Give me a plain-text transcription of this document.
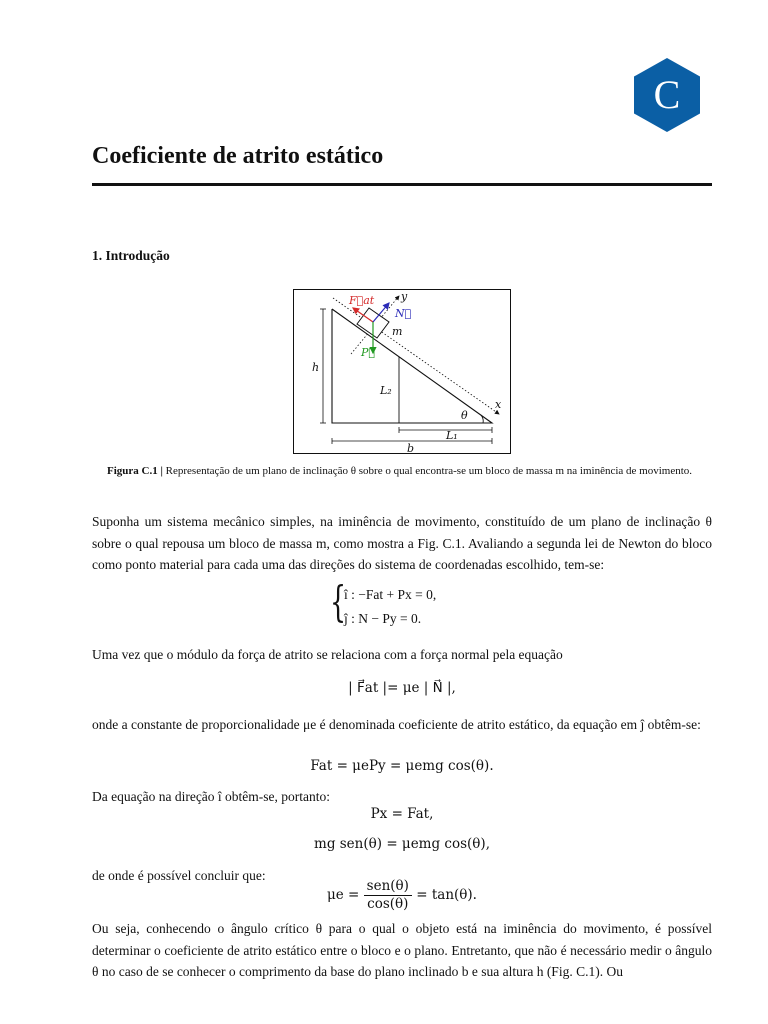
C
Coeficiente de atrito estático
1. Introdução
F⃗at y
N⃗
m
P⃗
h
L₂
θ
x
L₁
b
Figura C.1 | Representação de um plano de inclinação θ sobre o qual encontra-se um bloco de massa m na iminência de movimento.

Suponha um sistema mecânico simples, na iminência de movimento, constituído de um plano de inclinação θ sobre o qual repousa um bloco de massa m, como mostra a Fig. C.1. Avaliando a segunda lei de Newton do bloco como ponto material para cada uma das direções do sistema de coordenadas escolhido, tem-se:

{
î : −Fat + Px = 0,
ĵ : N − Py = 0.

Uma vez que o módulo da força de atrito se relaciona com a força normal pela equação

| F⃗at |= μe | N⃗ |,

onde a constante de proporcionalidade μe é denominada coeficiente de atrito estático, da equação em ĵ obtêm-se:

Fat = μePy = μemg cos(θ).

Da equação na direção î obtêm-se, portanto:

Px = Fat,
mg sen(θ) = μemg cos(θ),

de onde é possível concluir que:

$\mu e = \frac{\text{sen(θ)}}{\cos(\theta)} = \tan(\theta)$.

Ou seja, conhecendo o ângulo crítico θ para o qual o objeto está na iminência do movimento, é possível determinar o coeficiente de atrito estático entre o bloco e o plano. Entretanto, que não é necessário medir o ângulo θ no caso de se conhecer o comprimento da base do plano inclinado b e sua altura h (Fig. C.1). Ou
